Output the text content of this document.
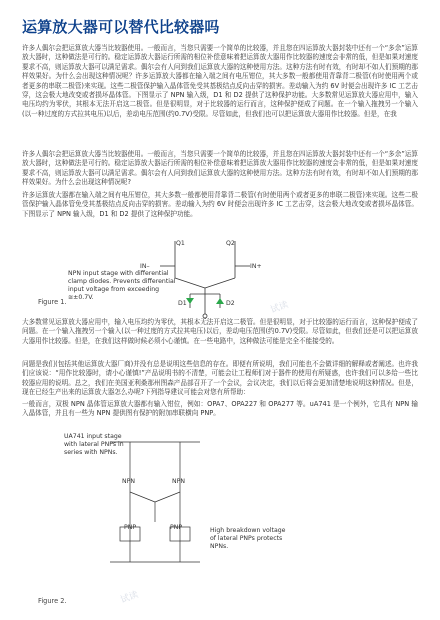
运算放大器可以替代比较器吗
许多人偶尔会把运算放大器当比较器使用。一般而言，当您只需要一个简单的比较器，并且您在四运算放大器封装中还有一个“多余”运算放大器时，这种做法是可行的。稳定运算放大器运行所需的相位补偿意味着把运算放大器用作比较器的速度会非常的低，但是如果对速度要求不高，则运算放大器可以满足需求。偶尔会有人问到我们运算放大器的这种使用方法。这种方法有时有效，有时却不如人们预期的那样效果好。为什么会出现这种情况呢？许多运算放大器都在输入端之间有电压钳位，其大多数一般都使用背靠背二极管(有时使用两个或者更多的串联二极管)来实现。这些二极管保护输入晶体管免受其基极结点反向击穿的损害。差动输入为约 6V 时便会出现许多 IC 工艺击穿，这会极大地改变或者损坏晶体管。下图显示了 NPN 输入级，D1 和 D2 提供了这种保护功能。大多数常见运算放大器应用中，输入电压均约为零伏，其根本无法开启这二极管。但是很明显，对于比较器的运行而言，这种保护便成了问题。在一个输入拖拽另一个输入(以一种过度的方式拉其电压)以后，差动电压范围(约0.7V)受限。尽管如此，但我们也可以把运算放大器用作比较器。但是，在我
许多人偶尔会把运算放大器当比较器使用。一般而言，当您只需要一个简单的比较器，并且您在四运算放大器封装中还有一个“多余”运算放大器时，这种做法是可行的。稳定运算放大器运行所需的相位补偿意味着把运算放大器用作比较器的速度会非常的低，但是如果对速度要求不高，则运算放大器可以满足需求。偶尔会有人问到我们运算放大器的这种使用方法。这种方法有时有效，有时却不如人们预期的那样效果好。为什么会出现这种情况呢?
许多运算放大器都在输入端之间有电压钳位，其大多数一般都使用背靠背二极管(有时使用两个或者更多的串联二极管)来实现。这些二极管保护输入晶体管免受其基极结点反向击穿的损害。差动输入为约 6V 时便会出现许多 IC 工艺击穿，这会极大地改变或者损坏晶体管。下图显示了 NPN 输入级，D1 和 D2 提供了这种保护功能。
Q1	Q2
D1	D2
IN–	IN+
NPN input stage with differential clamp diodes. Prevents differential input voltage from exceeding ≅±0.7V.
Figure 1.
大多数常见运算放大器应用中，输入电压均约为零伏，其根本无法开启这二极管。但是很明显，对于比较器的运行而言，这种保护便成了问题。在一个输入拖拽另一个输入(以一种过度的方式拉其电压)以后，差动电压范围(约0.7V)受限。尽管如此，但我们还是可以把运算放大器用作比较器。但是，在我们这样做时候必须小心谨慎。在一些电路中，这种做法可能是完全不能接受的。
问题是我们(包括其他运算放大器厂商)并没有总是说明这些信息的存在。即便有所说明，我们可能也不会做详细的解释或者阐述。也许我们应该说：“用作比较器时，请小心谨慎!”产品说明书的不清楚，可能会让工程师们对于器件的使用有所疑惑，也许我们可以多给一些比较器应用的说明。总之，我们在美国亚利桑那州图森产品部召开了一个会议，会议决定，我们以后将会更加清楚地说明这种情况。但是，现在已经生产出来的运算放大器怎么办呢?下列指导建议可能会对您有所帮助：
一般而言，双极 NPN 晶体管运算放大器都有输入钳位，例如：OPA7、OPA227 和 OPA277 等。uA741 是一个例外，它具有 NPN 输入晶体管，并且有一些为 NPN 提供图有保护的附加串联横向 PNP。
PNP	PNP
NPN	NPN
UA741 input stage with lateral PNPs in series with NPNs.
High breakdown voltage of lateral PNPs protects NPNs.
Figure 2.
试读
试读
